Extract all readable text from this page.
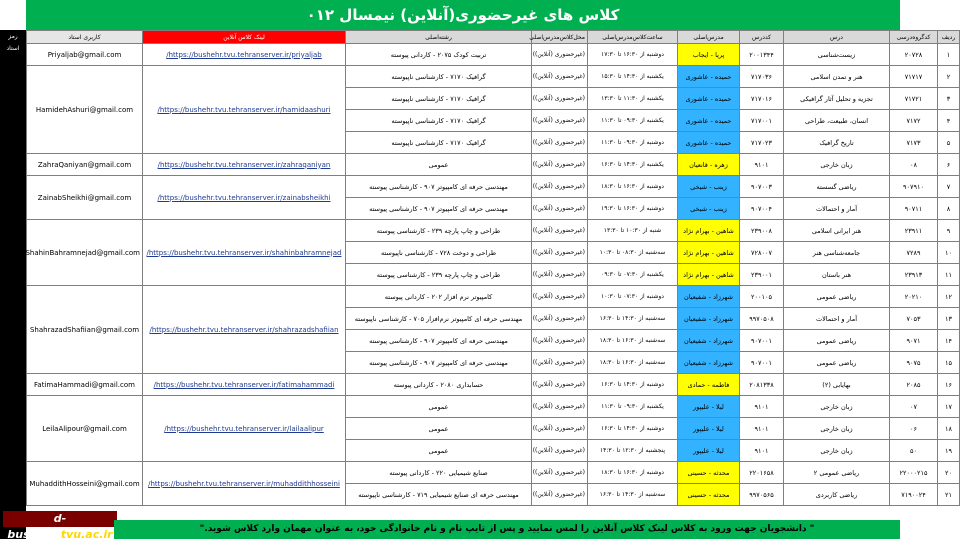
کلاس های غیرحضوری(آنلاین) نیمسال ۰۱۲
رمز استاد
ردیف	کدگروه‌درسی	درس	کددرس	مدرس‌اصلی	ساعت‌کلاس‌مدرس‌اصلی	محل‌کلاس‌مدرس‌اصلی	رشته‌اصلی	لینک کلاس آنلاین	کاربری استاد
۱	۲۰۷۲۸	زیست‌شناسی	۲۰۰۱۳۴۴	پریا - ایجاب	دوشنبه از ۱۶:۳۰ تا ۱۷:۳۰	(غیرحضوری (آنلاین))	تربیت کودک ۲۰۷۵ - کاردانی پیوسته	https://bushehr.tvu.tehranserver.ir/priyaljab/	Priyaljab@gmail.com
۲	۷۱۷۱۷	هنر و تمدن اسلامی	۷۱۷۰۳۶	حمیده - عاشوری	یکشنبه از ۱۴:۳۰ تا ۱۵:۳۰	(غیرحضوری (آنلاین))	گرافیک ۷۱۷۰ - کارشناسی ناپیوسته	https://bushehr.tvu.tehranserver.ir/hamidaashuri/	HamidehAshuri@gmail.com
۳	۷۱۷۲۱	تجزیه و تحلیل آثار گرافیکی	۷۱۷۰۱۶	حمیده - عاشوری	یکشنبه از ۱۱:۳۰ تا ۱۳:۳۰	(غیرحضوری (آنلاین))	گرافیک ۷۱۷۰ - کارشناسی ناپیوسته		
۴	۷۱۷۲	انسان، طبیعت، طراحی	۷۱۷۰۰۱	حمیده - عاشوری	یکشنبه از ۰۹:۳۰ تا ۱۱:۳۰	(غیرحضوری (آنلاین))	گرافیک ۷۱۷۰ - کارشناسی ناپیوسته		
۵	۷۱۷۳	تاریخ گرافیک	۷۱۷۰۲۳	حمیده - عاشوری	دوشنبه از ۰۹:۳۰ تا ۱۱:۳۰	(غیرحضوری (آنلاین))	گرافیک ۷۱۷۰ - کارشناسی ناپیوسته		
۶	۰۸	زبان خارجی	۹۱۰۱	زهره - قانعیان	یکشنبه از ۱۴:۳۰ تا ۱۶:۳۰	(غیرحضوری (آنلاین))	عمومی	https://bushehr.tvu.tehranserver.ir/zahraqaniyan/	ZahraQaniyan@gmail.com
۷	۹۰۷۹۱۰	ریاضی گسسته	۹۰۷۰۰۳	زینب - شیخی	دوشنبه از ۱۶:۳۰ تا ۱۸:۳۰	(غیرحضوری (آنلاین))	مهندسی حرفه ای کامپیوتر ۹۰۷ - کارشناسی پیوسته	https://bushehr.tvu.tehranserver.ir/zainabsheikhi/	ZainabSheikhi@gmail.com
۸	۹۰۷۱۱	آمار و احتمالات	۹۰۷۰۰۴	زینب - شیخی	دوشنبه از ۱۶:۳۰ تا ۱۹:۳۰	(غیرحضوری (آنلاین))	مهندسی حرفه ای کامپیوتر ۹۰۷ - کارشناسی پیوسته		
۹	۲۳۹۱۱	هنر ایرانی اسلامی	۲۳۹۰۰۸	شاهین - بهرام نژاد	شنبه از ۱۰:۳۰ تا ۱۳:۳۰	(غیرحضوری (آنلاین))	طراحی و چاپ پارچه ۲۳۹ - کارشناسی پیوسته	https://bushehr.tvu.tehranserver.ir/shahinbahramnejad/	ShahinBahramnejad@gmail.com
۱۰	۷۲۸۹	جامعه‌شناسی هنر	۷۲۸۰۰۷	شاهین - بهرام نژاد	سه‌شنبه از ۰۸:۳۰ تا ۱۰:۳۰	(غیرحضوری (آنلاین))	طراحی و دوخت ۷۲۸ - کارشناسی ناپیوسته		
۱۱	۲۳۹۱۳	هنر باستان	۲۳۹۰۰۱	شاهین - بهرام نژاد	یکشنبه از ۰۷:۳۰ تا ۰۹:۳۰	(غیرحضوری (آنلاین))	طراحی و چاپ پارچه ۲۳۹ - کارشناسی پیوسته		
۱۲	۲۰۲۱۰	ریاضی عمومی	۲۰۰۱۰۵	شهرزاد - شفیعیان	دوشنبه از ۰۷:۳۰ تا ۱۰:۳۰	(غیرحضوری (آنلاین))	کامپیوتر نرم افزار ۲۰۲ - کاردانی پیوسته	https://bushehr.tvu.tehranserver.ir/shahrazadshafiian/	ShahrazadShafiian@gmail.com
۱۳	۷۰۵۳	آمار و احتمالات	۹۹۷۰۵۰۸	شهرزاد - شفیعیان	سه‌شنبه از ۱۴:۳۰ تا ۱۶:۳۰	(غیرحضوری (آنلاین))	مهندسی حرفه ای کامپیوتر نرم‌افزار ۷۰۵ - کارشناسی ناپیوسته		
۱۴	۹۰۷۱	ریاضی عمومی	۹۰۷۰۰۱	شهرزاد - شفیعیان	سه‌شنبه از ۱۶:۳۰ تا ۱۸:۳۰	(غیرحضوری (آنلاین))	مهندسی حرفه ای کامپیوتر ۹۰۷ - کارشناسی پیوسته		
۱۵	۹۰۷۵	ریاضی عمومی	۹۰۷۰۰۱	شهرزاد - شفیعیان	سه‌شنبه از ۱۶:۳۰ تا ۱۸:۳۰	(غیرحضوری (آنلاین))	مهندسی حرفه ای کامپیوتر ۹۰۷ - کارشناسی پیوسته		
۱۶	۲۰۸۵	بهایابی (۲)	۲۰۸۱۳۳۸	فاطمه - حمادی	دوشنبه از ۱۴:۳۰ تا ۱۶:۳۰	(غیرحضوری (آنلاین))	حسابداری ۲۰۸۰ - کاردانی پیوسته	https://bushehr.tvu.tehranserver.ir/fatimahammadi/	FatimaHammadi@gmail.com
۱۷	۰۷	زبان خارجی	۹۱۰۱	لیلا - علیپور	یکشنبه از ۰۹:۳۰ تا ۱۱:۳۰	(غیرحضوری (آنلاین))	عمومی	https://bushehr.tvu.tehranserver.ir/lailaalipur/	LeilaAlipour@gmail.com
۱۸	۰۶	زبان خارجی	۹۱۰۱	لیلا - علیپور	دوشنبه از ۱۴:۳۰ تا ۱۶:۳۰	(غیرحضوری (آنلاین))	عمومی		
۱۹	۵۰	زبان خارجی	۹۱۰۱	لیلا - علیپور	پنجشنبه از ۱۲:۳۰ تا ۱۴:۳۰	(غیرحضوری (آنلاین))	عمومی		
۲۰	۲۲۰۰۰۲۱۵	ریاضی عمومی ۲	۲۲۰۱۶۵۸	محدثه - حسینی	دوشنبه از ۱۶:۳۰ تا ۱۸:۳۰	(غیرحضوری (آنلاین))	صنایع شیمیایی ۲۲۰ - کاردانی پیوسته	https://bushehr.tvu.tehranserver.ir/muhaddithhosseini/	MuhaddithHosseini@gmail.com
۲۱	۷۱۹۰۰۲۴	ریاضی کاربردی	۹۹۷۰۵۶۵	محدثه - حسینی	سه‌شنبه از ۱۴:۳۰ تا ۱۶:۳۰	(غیرحضوری (آنلاین))	مهندسی حرفه ای صنایع شیمیایی ۷۱۹ - کارشناسی ناپیوسته		
d-bushehr.tvu.ac.ir	" دانشجویان جهت ورود به کلاس لینک کلاس آنلاین را لمس نمایید و پس از تایپ نام و نام خانوادگی خود، به عنوان مهمان وارد کلاس شوید."
